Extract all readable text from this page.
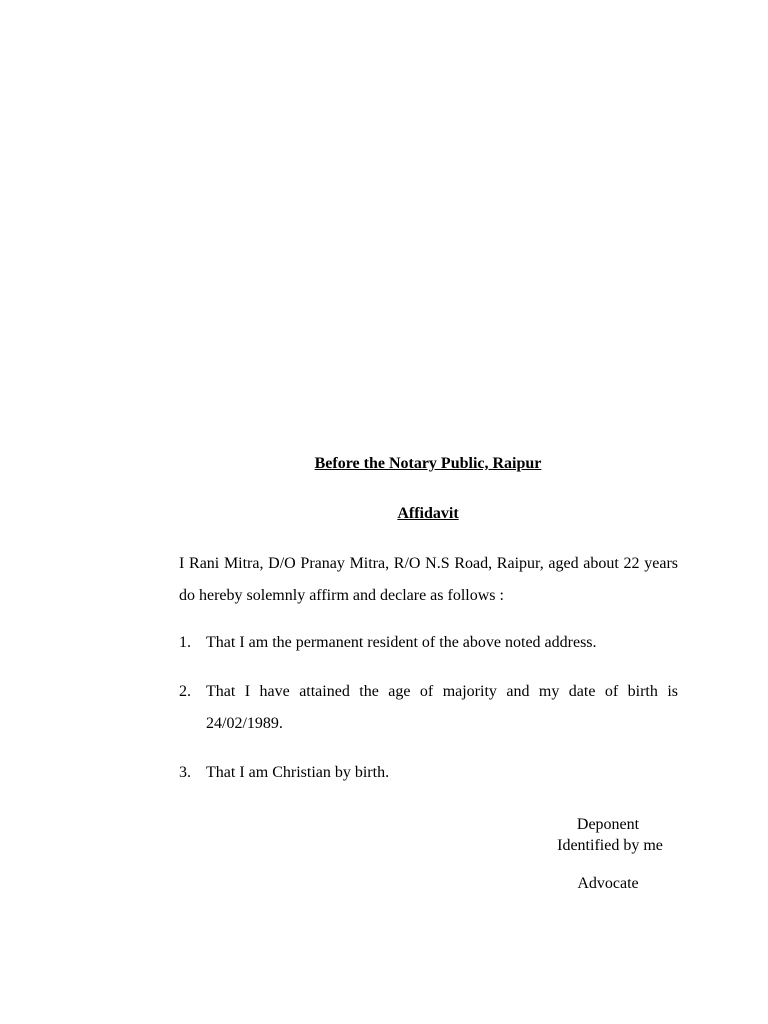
Before the Notary Public, Raipur
Affidavit
I Rani Mitra, D/O Pranay Mitra, R/O N.S Road, Raipur, aged about 22 years do hereby solemnly affirm and declare as follows :
1. That I am the permanent resident of the above noted address.
2. That I have attained the age of majority and my date of birth is 24/02/1989.
3. That I am Christian by birth.
Deponent
Identified by me
Advocate
